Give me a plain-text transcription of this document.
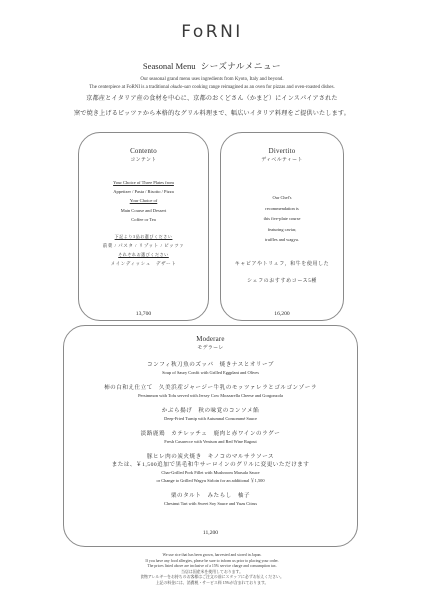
FoRNI
Seasonal Menu シーズナルメニュー
Our seasonal grand menu uses ingredients from Kyoto, Italy and beyond.
The centerpiece at FoRNI is a traditional okudo-san cooking range reimagined as an oven for pizzas and oven-roasted dishes.
京都産とイタリア産の食材を中心に、京都のおくどさん（かまど）にインスパイアされた
窯で焼き上げるピッツァから本格的なグリル料理まで、幅広いイタリア料理をご提供いたします。
Contento
コンテント
Your Choice of Three Plates from
Appetizer / Pasta / Risotto / Pizza
Your Choice of
Main Course and Dessert
Coffee or Tea
下記より3品お選びください
前菜 / パスタ / リゾット / ピッツァ
それぞれお選びください
メインディッシュ　デザート
13,700
Divertito
ディベルティート
Our Chef's
recommendation is
this five-plate course
featuring caviar,
truffles and wagyu.
キャビアやトリュフ，和牛を使用した
シェフのおすすめコース5種
16,200
Moderare
モデラーレ
コンフィ秋刀魚のズッパ　焼きナスとオリーブ
Soup of Saury Confit with Grilled Eggplant and Olives
柿の白和え仕立て　久美浜産ジャージー牛乳のモッツァレラとゴルゴンゾーラ
Persimmon with Tofu served with Jersey Cow Mozzarella Cheese and Gorgonzola
かぶら揚げ　秋の味覚のコンソメ餡
Deep-Fried Turnip with Autumnal Consommé Sauce
淡路鹿鶏　カテレッチェ　鹿肉と赤ワインのラグー
Fresh Casarecce with Venison and Red Wine Ragout
豚ヒレ肉の炭火焼き　キノコのマルサラソース
または、￥1,500追加で黒毛和牛サーロインのグリルに変更いただけます
Char-Grilled Pork Fillet with Mushroom Marsala Sauce
or Change to Grilled Wagyu Sirloin for an additional ￥1,500
栗のタルト　みたらし　柚子
Chestnut Tart with Sweet Soy Sauce and Yuzu Citrus
11,200
We use rice that has been grown, harvested and stored in Japan.
If you have any food allergies, please be sure to inform us prior to placing your order.
The prices listed above are inclusive of a 15% service charge and consumption tax.
当店は国産米を使用しております。
食物アレルギーをお持ちのお客様はご注文の前にスタッフに必ずお伝えください。
上記の料金には、消費税・サービス料 15%が含まれております。
